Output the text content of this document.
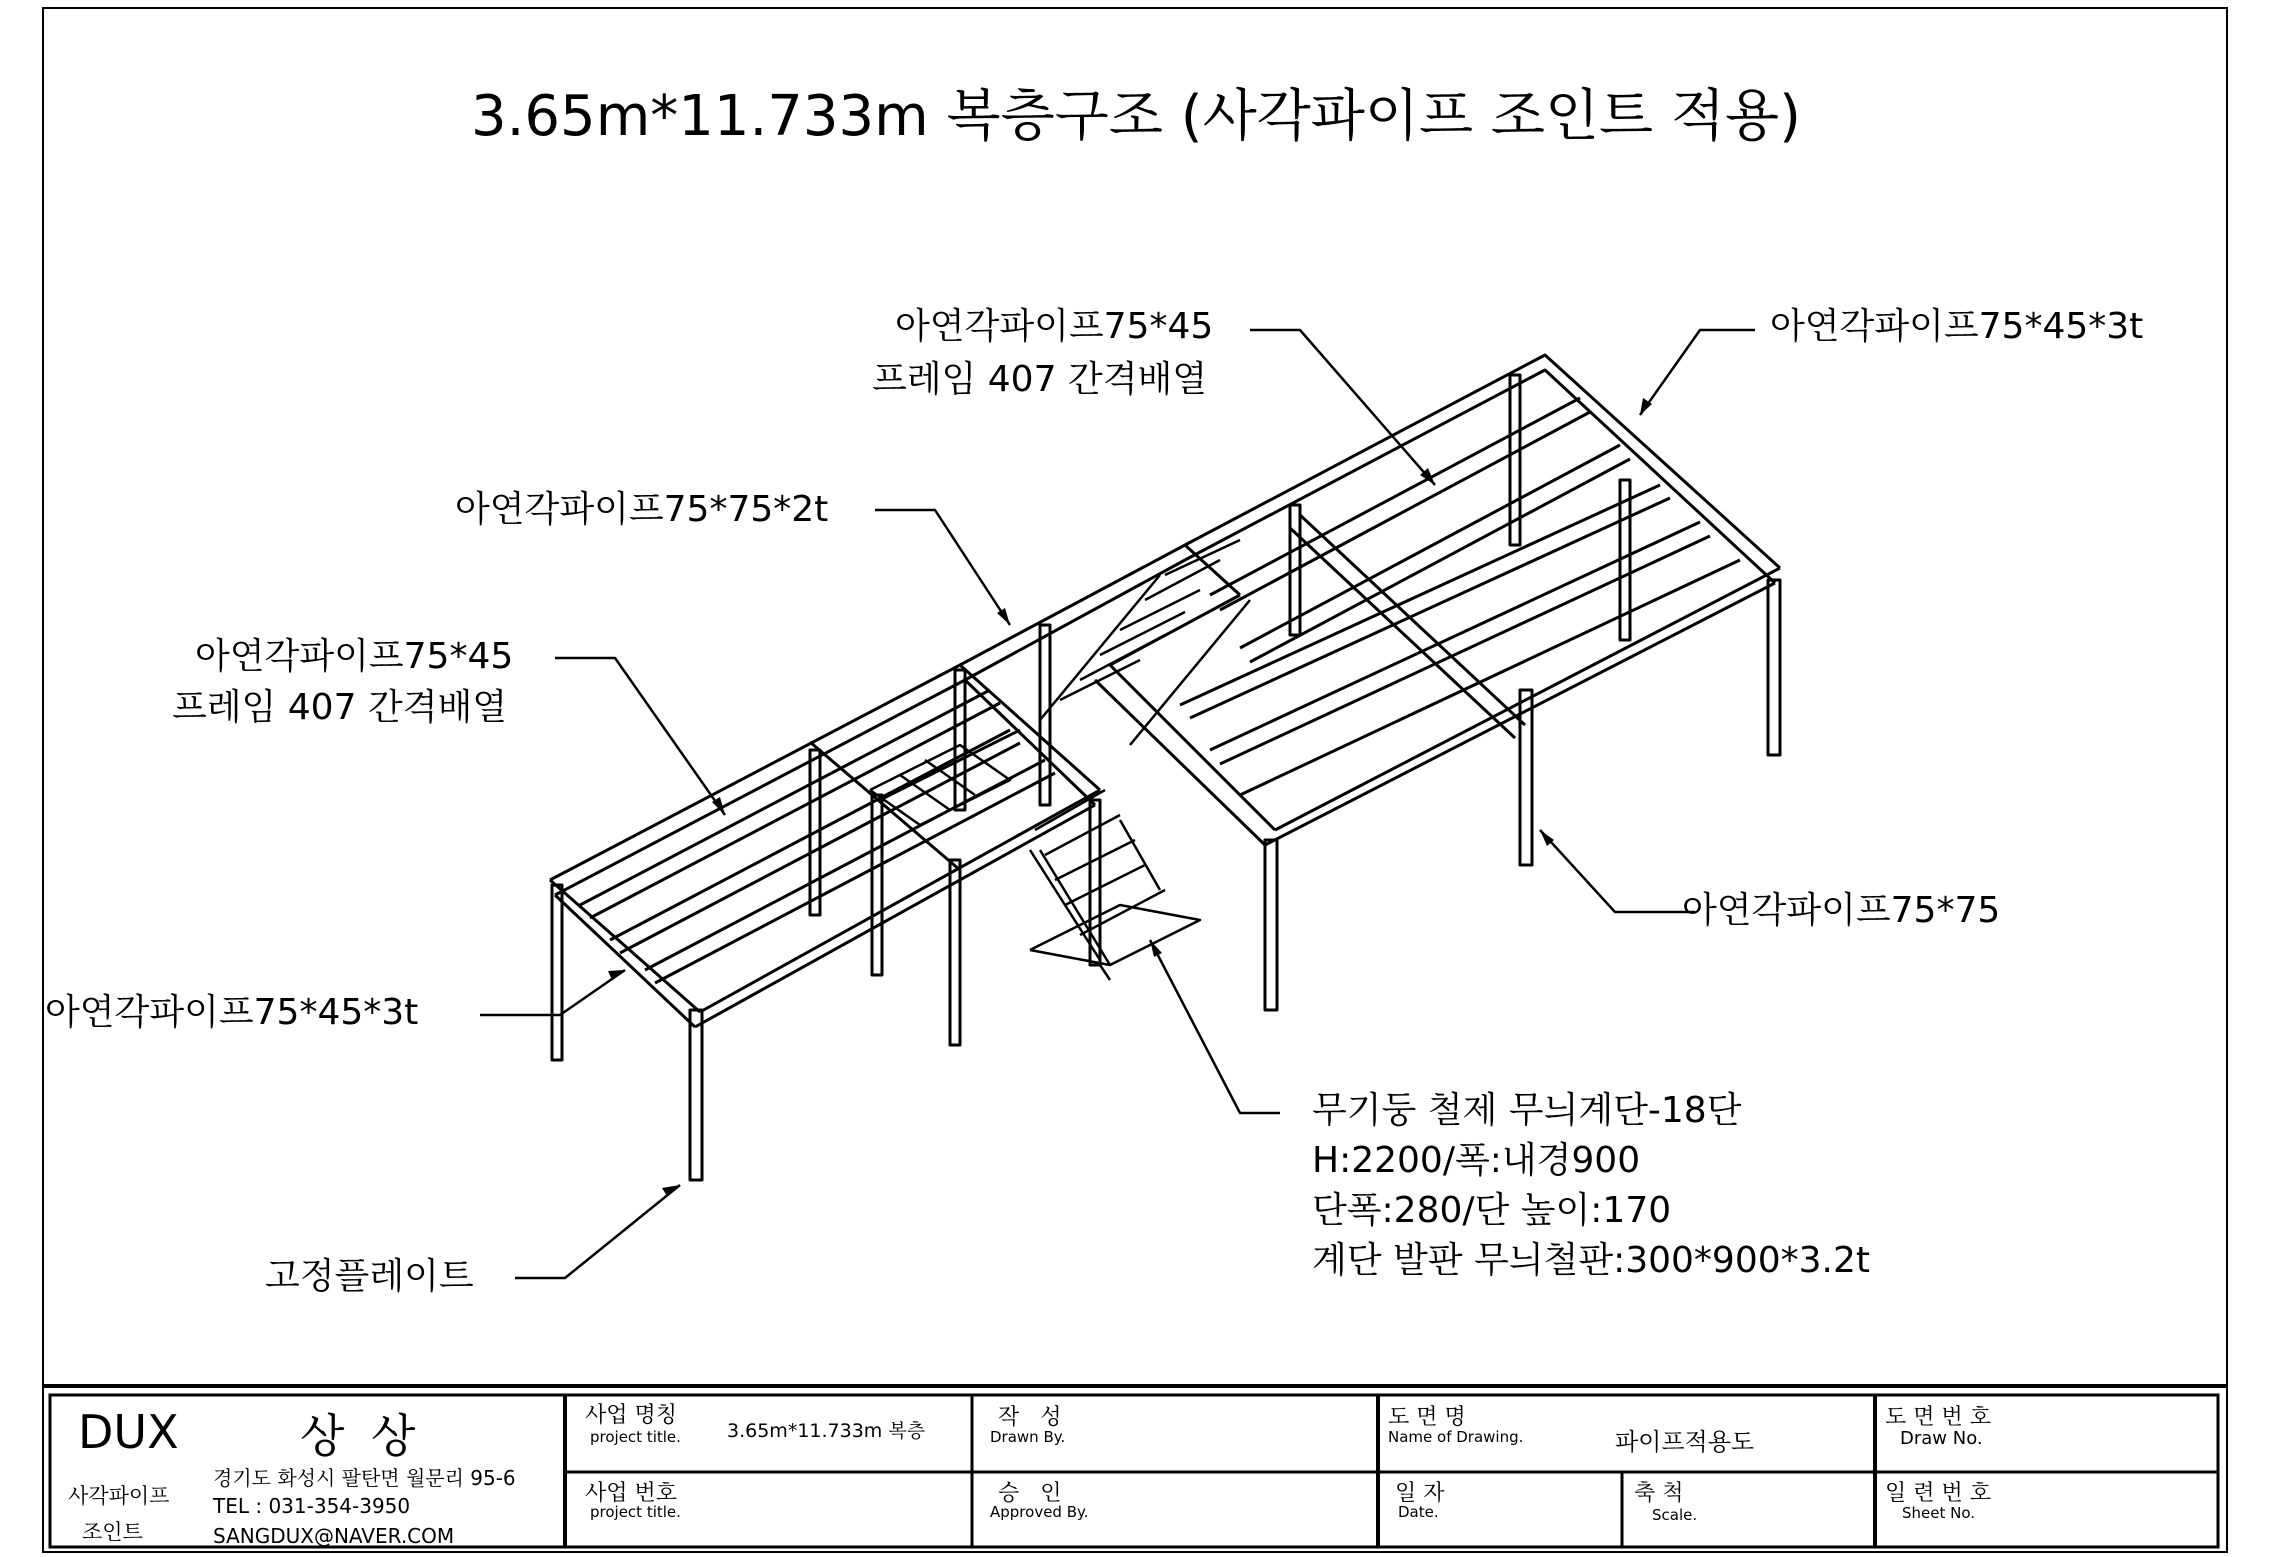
3.65m*11.733m 복층구조 (사각파이프 조인트 적용)
아연각파이프75*45
프레임 407 간격배열
아연각파이프75*45*3t
아연각파이프75*75*2t
아연각파이프75*45
프레임 407 간격배열
아연각파이프75*75
아연각파이프75*45*3t
고정플레이트
무기둥 철제 무늬계단-18단
H:2200/폭:내경900
단폭:280/단 높이:170
계단 발판 무늬철판:300*900*3.2t
DUX	상 상
사각파이프
조인트
경기도 화성시 팔탄면 월문리 95-6
TEL : 031-354-3950
SANGDUX@NAVER.COM
사업 명칭
project title. 3.65m*11.733m 복층
사업 번호
project title.
작   성
Drawn By.
승   인
Approved By.
도 면 명
Name of Drawing.	파이프적용도
일 자
Date.
축 척
Scale.
도 면 번 호
Draw No.
일 련 번 호
Sheet No.
